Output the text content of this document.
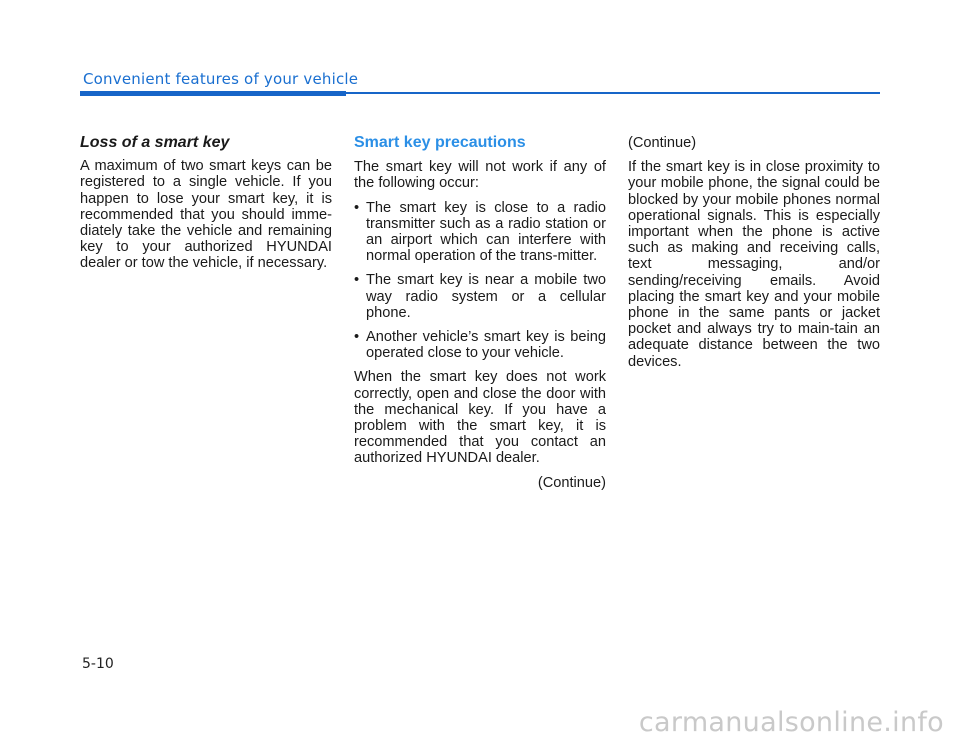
Convenient features of your vehicle
Loss of a smart key

A maximum of two smart keys can be registered to a single vehicle. If you happen to lose your smart key, it is recommended that you should imme-diately take the vehicle and remaining key to your authorized HYUNDAI dealer or tow the vehicle, if necessary.

Smart key precautions

The smart key will not work if any of the following occur:

• The smart key is close to a radio transmitter such as a radio station or an airport which can interfere with normal operation of the trans-mitter.
• The smart key is near a mobile two way radio system or a cellular phone.
• Another vehicle’s smart key is being operated close to your vehicle.

When the smart key does not work correctly, open and close the door with the mechanical key. If you have a problem with the smart key, it is recommended that you contact an authorized HYUNDAI dealer.

(Continue)

(Continue)

If the smart key is in close proximity to your mobile phone, the signal could be blocked by your mobile phones normal operational signals. This is especially important when the phone is active such as making and receiving calls, text messaging, and/or sending/receiving emails. Avoid placing the smart key and your mobile phone in the same pants or jacket pocket and always try to main-tain an adequate distance between the two devices.

5-10
carmanualsonline.info
